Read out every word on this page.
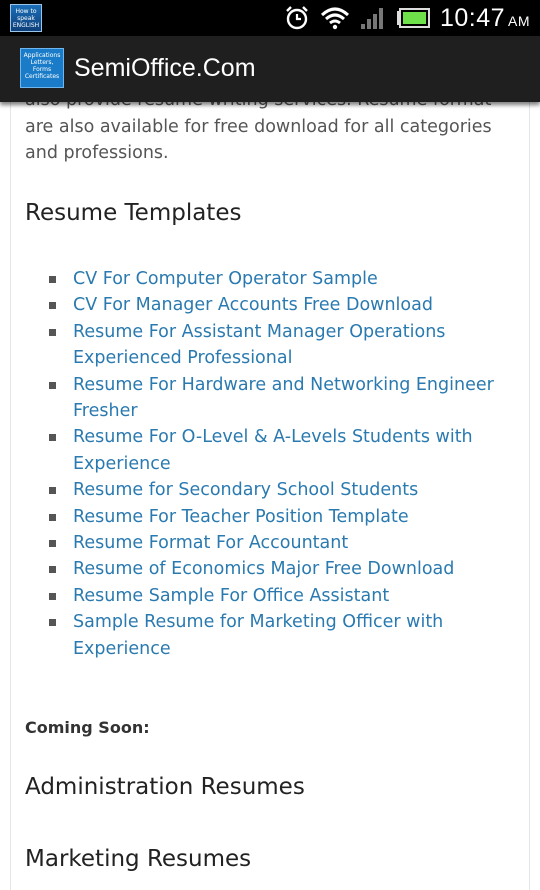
How to speak ENGLISH	10:47 AM

are also available for free download for all categories and professions.

Resume Templates
CV For Computer Operator Sample
CV For Manager Accounts Free Download
Resume For Assistant Manager Operations Experienced Professional
Resume For Hardware and Networking Engineer Fresher
Resume For O-Level & A-Levels Students with Experience
Resume for Secondary School Students
Resume For Teacher Position Template
Resume Format For Accountant
Resume of Economics Major Free Download
Resume Sample For Office Assistant
Sample Resume for Marketing Officer with Experience

Coming Soon:

Administration Resumes
Marketing Resumes
Applications Letters, Forms Certificates SemiOffice.Com
